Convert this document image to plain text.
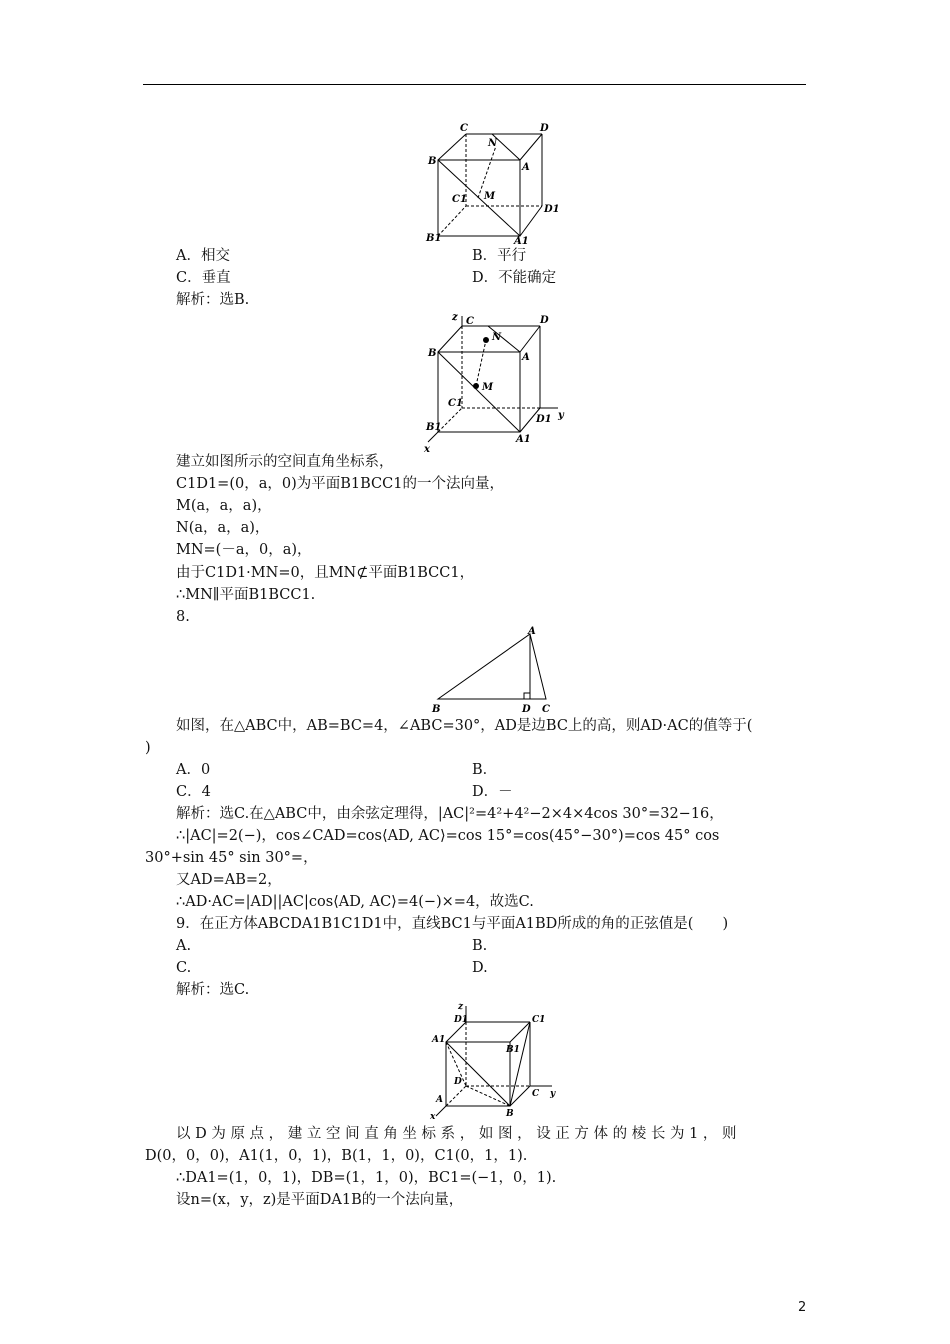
C	D
B
N
A
C1 M
D1
B1	A1
A．相交	B．平行
C．垂直	D．不能确定
解析：选B.
z C
N
D
B	A
M
C1
B1
D1 y
A1
x
建立如图所示的空间直角坐标系，
C1D1=(0，a，0)为平面B1BCC1的一个法向量，
M(a，a，a)，
N(a，a，a)，
MN=(－a，0，a)，
由于C1D1·MN=0，且MN⊄平面B1BCC1，
∴MN∥平面B1BCC1.
8.
A
B	D C
如图，在△ABC中，AB=BC=4，∠ABC=30°，AD是边BC上的高，则AD·AC的值等于(
)
A．0	B．
C．4	D．－
解析：选C.在△ABC中，由余弦定理得，|AC|²=4²+4²−2×4×4cos 30°=32−16，
∴|AC|=2(−)，cos∠CAD=cos⟨AD, AC⟩=cos 15°=cos(45°−30°)=cos 45° cos
30°+sin 45° sin 30°=，
又AD=AB=2，
∴AD·AC=|AD||AC|cos⟨AD, AC⟩=4(−)×=4，故选C.
9．在正方体ABCDA1B1C1D1中，直线BC1与平面A1BD所成的角的正弦值是(　　)
A.	B.
C.	D.
解析：选C.
z
D1	C1
A1
B1
D
C y
A
B
x
以 D 为 原 点 ， 建 立 空 间 直 角 坐 标 系 ， 如 图 ， 设 正 方 体 的 棱 长 为 1 ， 则
D(0，0，0)，A1(1，0，1)，B(1，1，0)，C1(0，1，1).
∴DA1=(1，0，1)，DB=(1，1，0)，BC1=(−1，0，1).
设n=(x，y，z)是平面DA1B的一个法向量，
2
